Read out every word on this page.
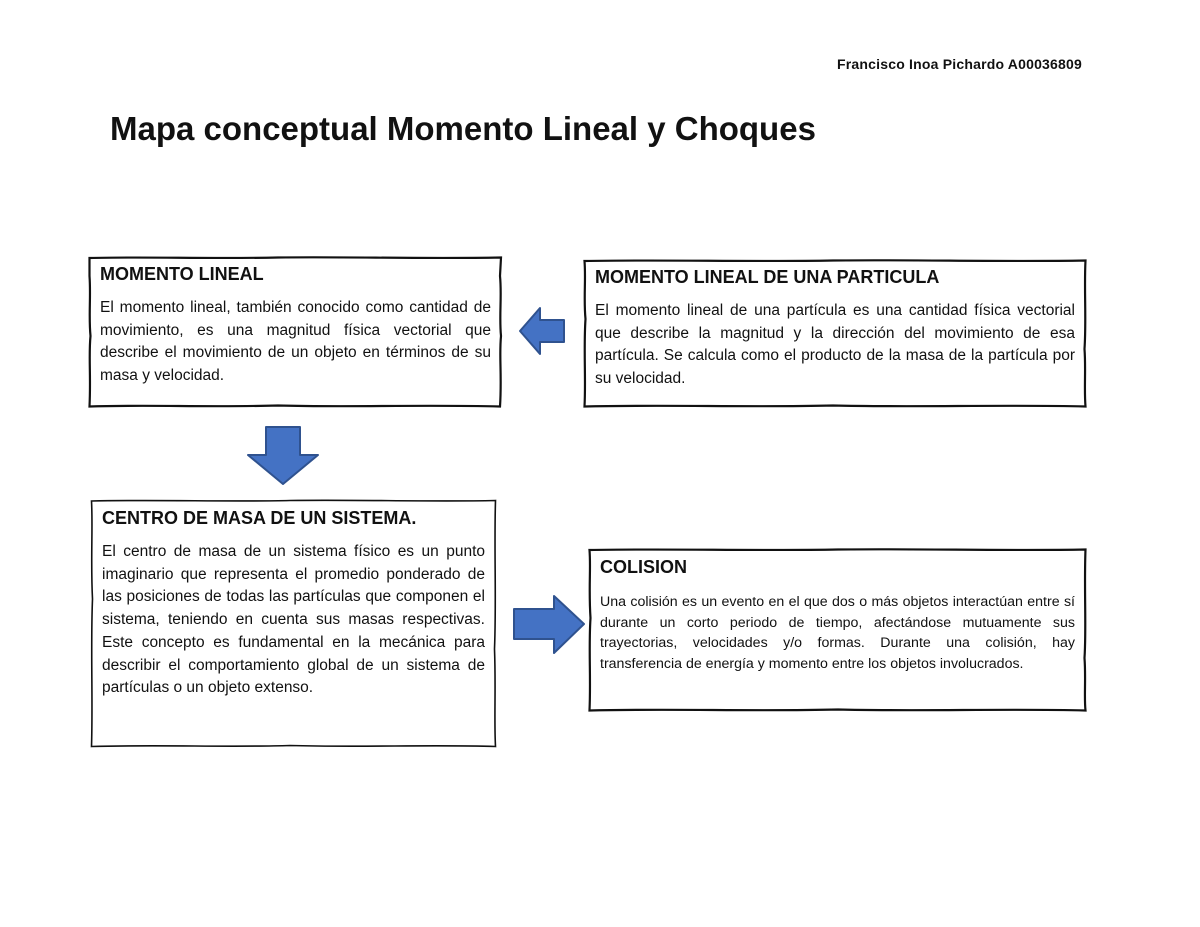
Francisco Inoa Pichardo A00036809
Mapa conceptual Momento Lineal y Choques
MOMENTO LINEAL

El momento lineal, también conocido como cantidad de movimiento, es una magnitud física vectorial que describe el movimiento de un objeto en términos de su masa y velocidad.

MOMENTO LINEAL DE UNA PARTICULA

El momento lineal de una partícula es una cantidad física vectorial que describe la magnitud y la dirección del movimiento de esa partícula. Se calcula como el producto de la masa de la partícula por su velocidad.

CENTRO DE MASA DE UN SISTEMA.

El centro de masa de un sistema físico es un punto imaginario que representa el promedio ponderado de las posiciones de todas las partículas que componen el sistema, teniendo en cuenta sus masas respectivas. Este concepto es fundamental en la mecánica para describir el comportamiento global de un sistema de partículas o un objeto extenso.

COLISION

Una colisión es un evento en el que dos o más objetos interactúan entre sí durante un corto periodo de tiempo, afectándose mutuamente sus trayectorias, velocidades y/o formas. Durante una colisión, hay transferencia de energía y momento entre los objetos involucrados.
